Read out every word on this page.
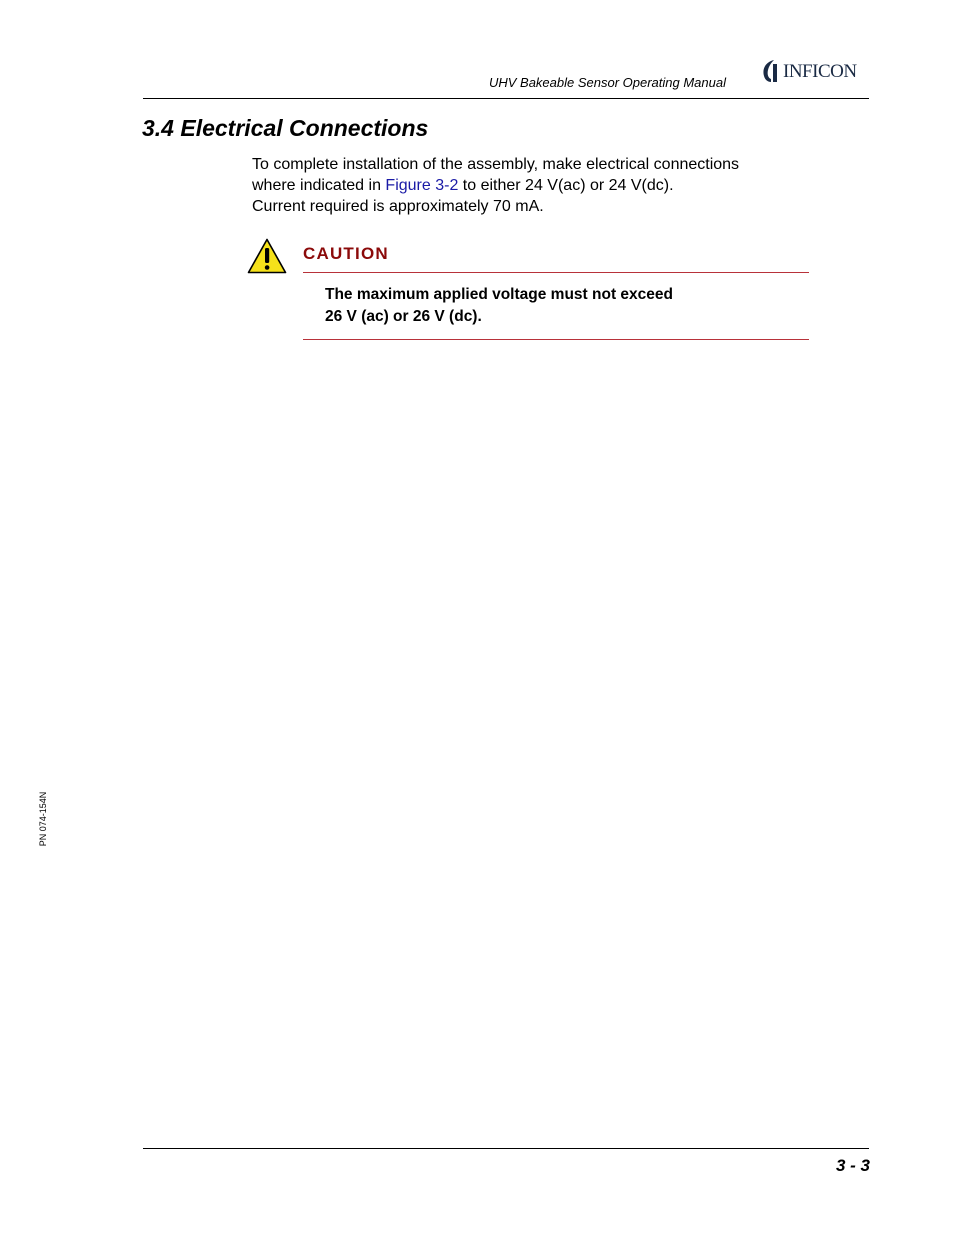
UHV Bakeable Sensor Operating Manual
INFICON
3.4 Electrical Connections
To complete installation of the assembly, make electrical connections
where indicated in Figure 3-2 to either 24 V(ac) or 24 V(dc).
Current required is approximately 70 mA.
CAUTION
The maximum applied voltage must not exceed
26 V (ac) or 26 V (dc).
PN 074-154N
3 - 3
